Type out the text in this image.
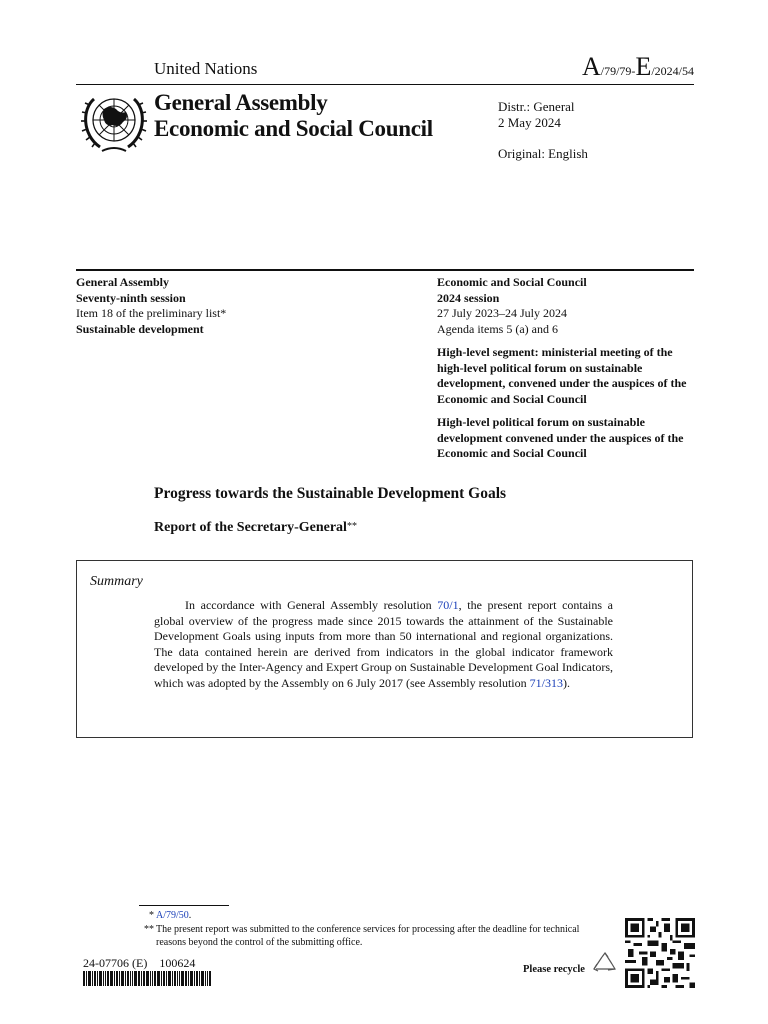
United Nations	A/79/79-E/2024/54
General Assembly
Economic and Social Council
Distr.: General
2 May 2024
Original: English
General Assembly
Seventy-ninth session
Item 18 of the preliminary list*
Sustainable development
Economic and Social Council
2024 session
27 July 2023–24 July 2024
Agenda items 5 (a) and 6
High-level segment: ministerial meeting of the high-level political forum on sustainable development, convened under the auspices of the Economic and Social Council
High-level political forum on sustainable development convened under the auspices of the Economic and Social Council
Progress towards the Sustainable Development Goals
Report of the Secretary-General**
Summary
In accordance with General Assembly resolution 70/1, the present report contains a global overview of the progress made since 2015 towards the attainment of the Sustainable Development Goals using inputs from more than 50 international and regional organizations. The data contained herein are derived from indicators in the global indicator framework developed by the Inter-Agency and Expert Group on Sustainable Development Goal Indicators, which was adopted by the Assembly on 6 July 2017 (see Assembly resolution 71/313).
* A/79/50.
** The present report was submitted to the conference services for processing after the deadline for technical reasons beyond the control of the submitting office.
24-07706 (E)    100624	Please recycle
